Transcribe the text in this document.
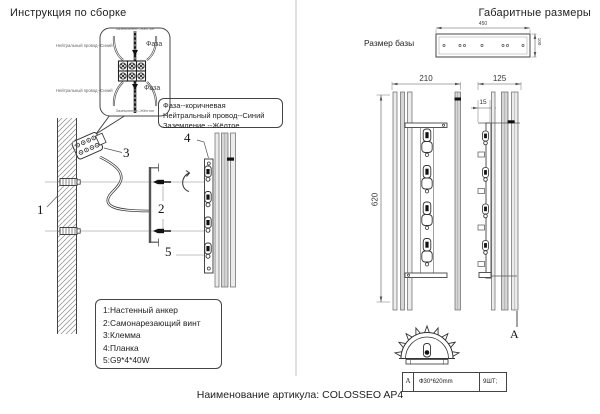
Инструкция по сборке	Габаритные размеры
Заземление--Жёлтое
Нейтральный провод--Синий	Фаза
Нейтральный провод--Синий	Фаза
Заземление--Жёлтое	Фаза--коричневая
Нейтральный провод--Синий
Заземление --Жёлтое
1	2
3
4
5
1:Настенный анкер
2:Самонарезающий винт
3:Клемма
4:Планка
5:G9*4*40W
Размер базы
450
100
210	125
620
15
А
А	Ф30*620mm	9ШТ;
Наименование артикула: COLOSSEO AP4
